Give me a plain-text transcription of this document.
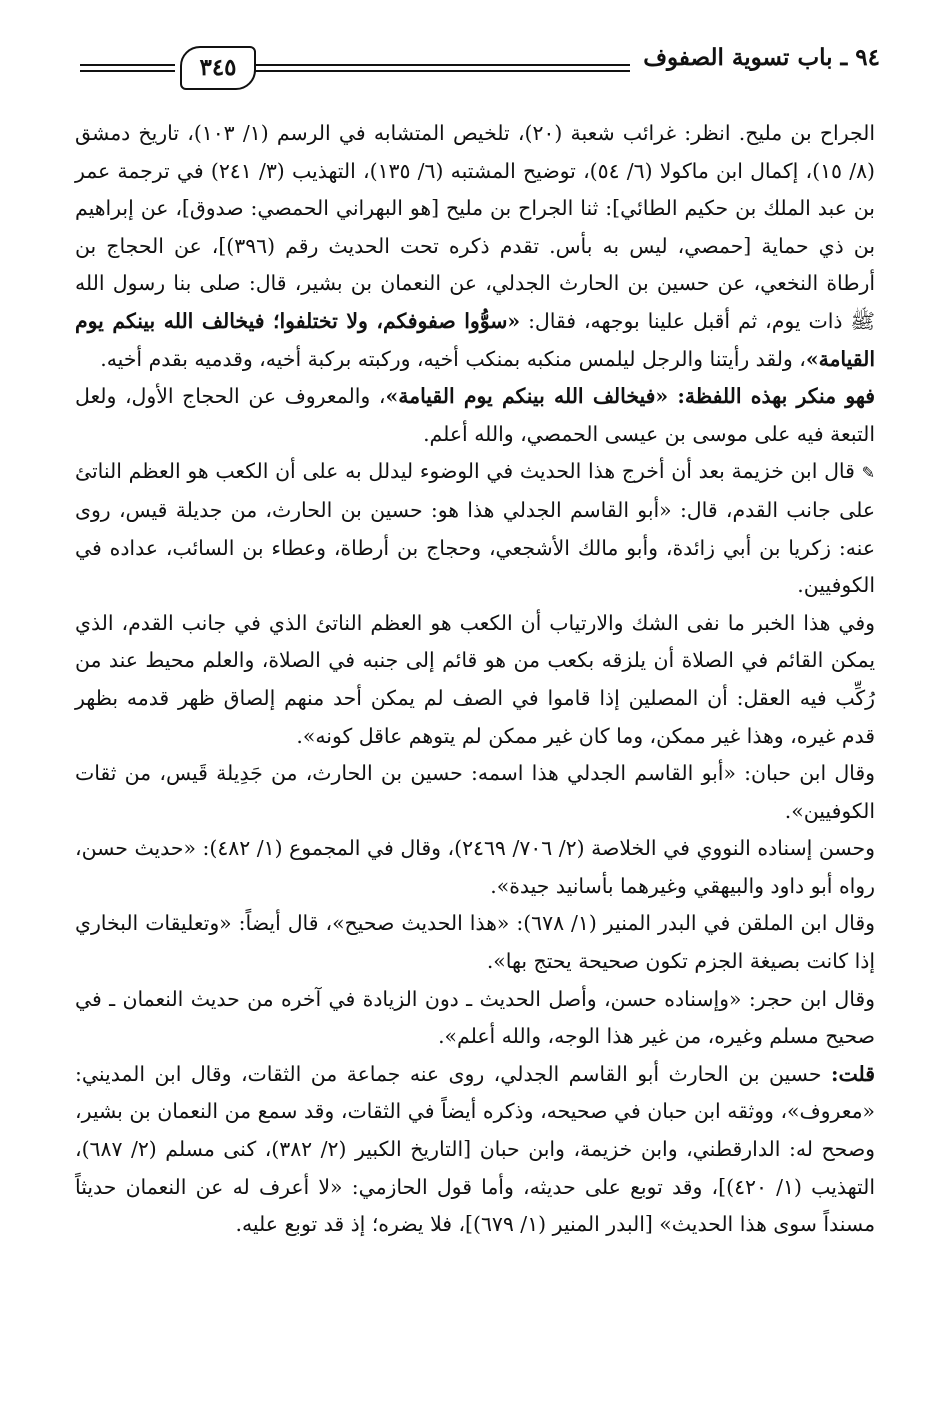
٩٤ ـ باب تسوية الصفوف
٣٤٥

الجراح بن مليح. انظر: غرائب شعبة (٢٠)، تلخيص المتشابه في الرسم (١/ ١٠٣)، تاريخ دمشق (٨/ ١٥)، إكمال ابن ماكولا (٦/ ٥٤)، توضيح المشتبه (٦/ ١٣٥)، التهذيب (٣/ ٢٤١) في ترجمة عمر بن عبد الملك بن حكيم الطائي]: ثنا الجراح بن مليح [هو البهراني الحمصي: صدوق]، عن إبراهيم بن ذي حماية [حمصي، ليس به بأس. تقدم ذكره تحت الحديث رقم (٣٩٦)]، عن الحجاج بن أرطاة النخعي، عن حسين بن الحارث الجدلي، عن النعمان بن بشير، قال: صلى بنا رسول الله ﷺ ذات يوم، ثم أقبل علينا بوجهه، فقال: «سوُّوا صفوفكم، ولا تختلفوا؛ فيخالف الله بينكم يوم القيامة»، ولقد رأيتنا والرجل ليلمس منكبه بمنكب أخيه، وركبته بركبة أخيه، وقدميه بقدم أخيه.

فهو منكر بهذه اللفظة: «فيخالف الله بينكم يوم القيامة»، والمعروف عن الحجاج الأول، ولعل التبعة فيه على موسى بن عيسى الحمصي، والله أعلم.

✎ قال ابن خزيمة بعد أن أخرج هذا الحديث في الوضوء ليدلل به على أن الكعب هو العظم الناتئ على جانب القدم، قال: «أبو القاسم الجدلي هذا هو: حسين بن الحارث، من جديلة قيس، روى عنه: زكريا بن أبي زائدة، وأبو مالك الأشجعي، وحجاج بن أرطاة، وعطاء بن السائب، عداده في الكوفيين.

وفي هذا الخبر ما نفى الشك والارتياب أن الكعب هو العظم الناتئ الذي في جانب القدم، الذي يمكن القائم في الصلاة أن يلزقه بكعب من هو قائم إلى جنبه في الصلاة، والعلم محيط عند من رُكِّب فيه العقل: أن المصلين إذا قاموا في الصف لم يمكن أحد منهم إلصاق ظهر قدمه بظهر قدم غيره، وهذا غير ممكن، وما كان غير ممكن لم يتوهم عاقل كونه».

وقال ابن حبان: «أبو القاسم الجدلي هذا اسمه: حسين بن الحارث، من جَدِيلة قَيس، من ثقات الكوفيين».

وحسن إسناده النووي في الخلاصة (٢/ ٧٠٦/ ٢٤٦٩)، وقال في المجموع (١/ ٤٨٢): «حديث حسن، رواه أبو داود والبيهقي وغيرهما بأسانيد جيدة».

وقال ابن الملقن في البدر المنير (١/ ٦٧٨): «هذا الحديث صحيح»، قال أيضاً: «وتعليقات البخاري إذا كانت بصيغة الجزم تكون صحيحة يحتج بها».

وقال ابن حجر: «وإسناده حسن، وأصل الحديث ـ دون الزيادة في آخره من حديث النعمان ـ في صحيح مسلم وغيره، من غير هذا الوجه، والله أعلم».

قلت: حسين بن الحارث أبو القاسم الجدلي، روى عنه جماعة من الثقات، وقال ابن المديني: «معروف»، ووثقه ابن حبان في صحيحه، وذكره أيضاً في الثقات، وقد سمع من النعمان بن بشير، وصحح له: الدارقطني، وابن خزيمة، وابن حبان [التاريخ الكبير (٢/ ٣٨٢)، كنى مسلم (٢/ ٦٨٧)، التهذيب (١/ ٤٢٠)]، وقد توبع على حديثه، وأما قول الحازمي: «لا أعرف له عن النعمان حديثاً مسنداً سوى هذا الحديث» [البدر المنير (١/ ٦٧٩)]، فلا يضره؛ إذ قد توبع عليه.
